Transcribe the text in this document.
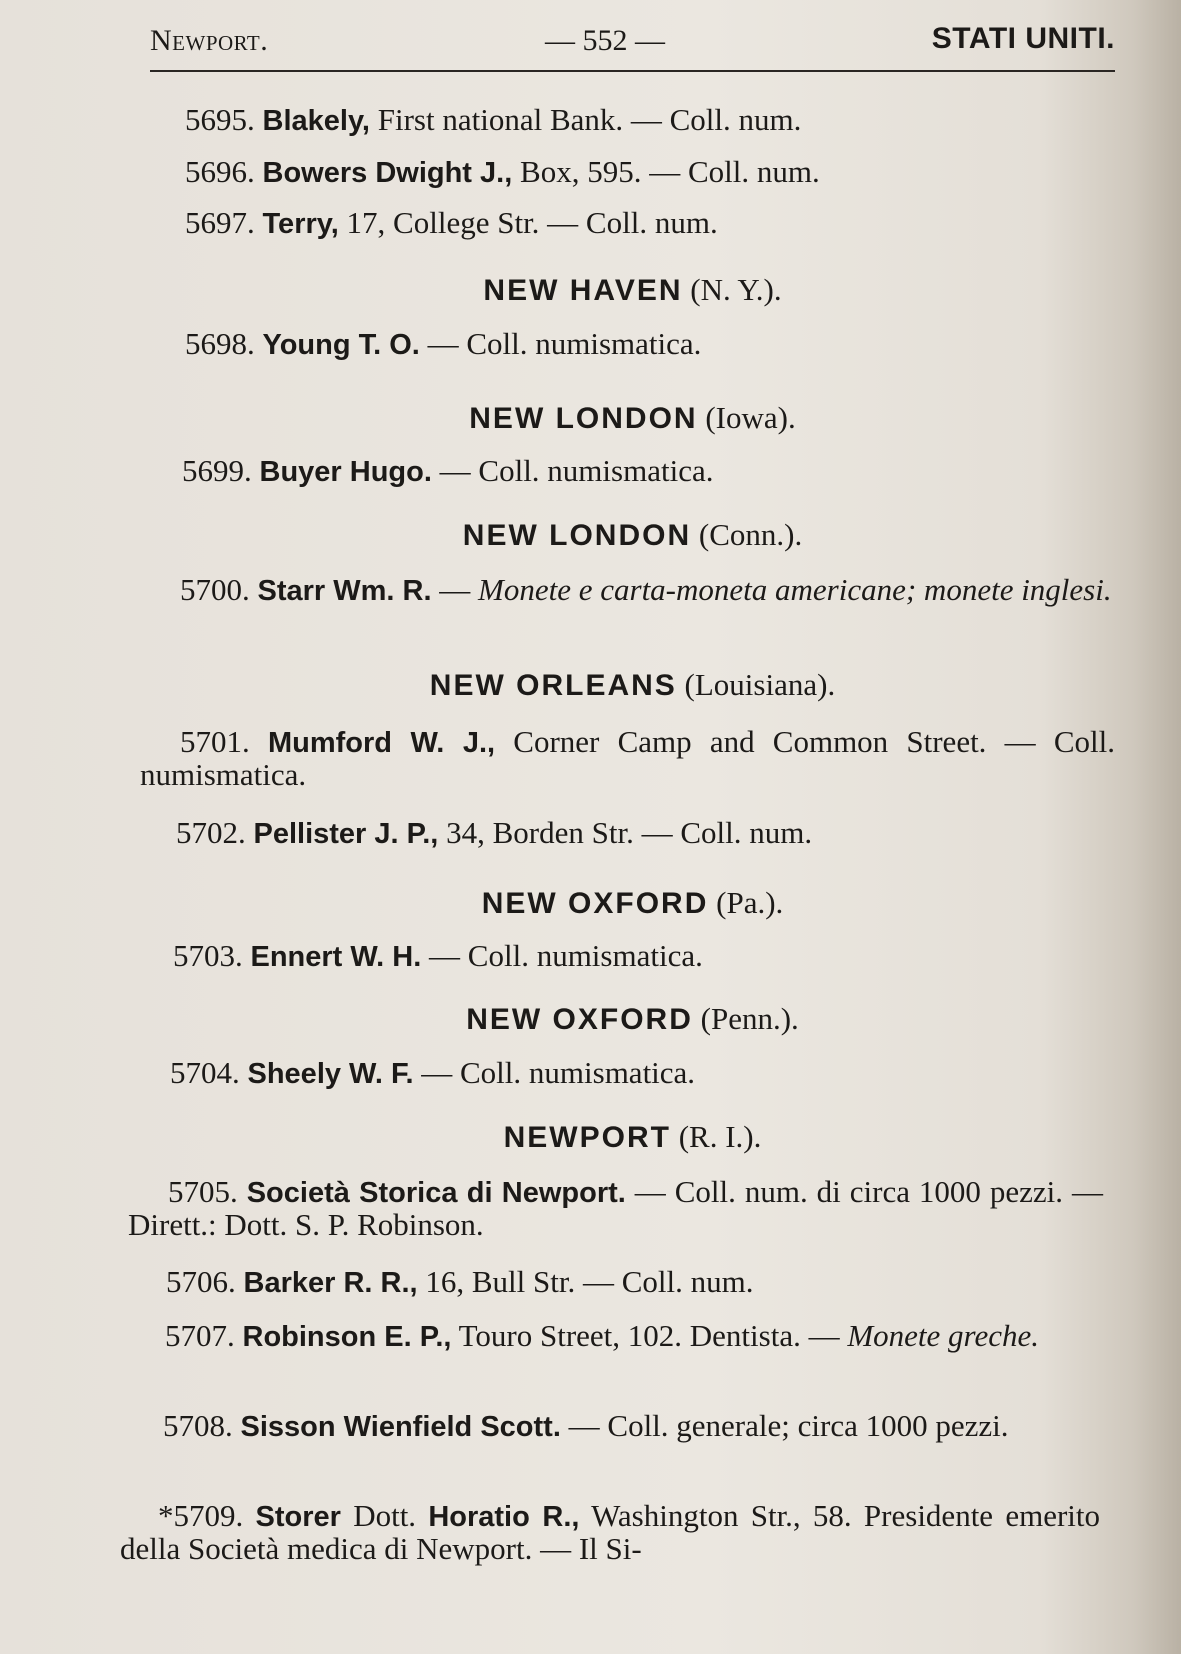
Newport.	— 552 —	STATI UNITI.

5695. Blakely, First national Bank. — Coll. num.

5696. Bowers Dwight J., Box, 595. — Coll. num.

5697. Terry, 17, College Str. — Coll. num.

NEW HAVEN (N. Y.).

5698. Young T. O. — Coll. numismatica.

NEW LONDON (Iowa).

5699. Buyer Hugo. — Coll. numismatica.

NEW LONDON (Conn.).

5700. Starr Wm. R. — Monete e carta-moneta americane; monete inglesi.

NEW ORLEANS (Louisiana).

5701. Mumford W. J., Corner Camp and Common Street. — Coll. numismatica.

5702. Pellister J. P., 34, Borden Str. — Coll. num.

NEW OXFORD (Pa.).

5703. Ennert W. H. — Coll. numismatica.

NEW OXFORD (Penn.).

5704. Sheely W. F. — Coll. numismatica.

NEWPORT (R. I.).

5705. Società Storica di Newport. — Coll. num. di circa 1000 pezzi. — Dirett.: Dott. S. P. Robinson.

5706. Barker R. R., 16, Bull Str. — Coll. num.

5707. Robinson E. P., Touro Street, 102. Dentista. — Monete greche.

5708. Sisson Wienfield Scott. — Coll. generale; circa 1000 pezzi.

*5709. Storer Dott. Horatio R., Washington Str., 58. Presidente emerito della Società medica di Newport. — Il Si-
